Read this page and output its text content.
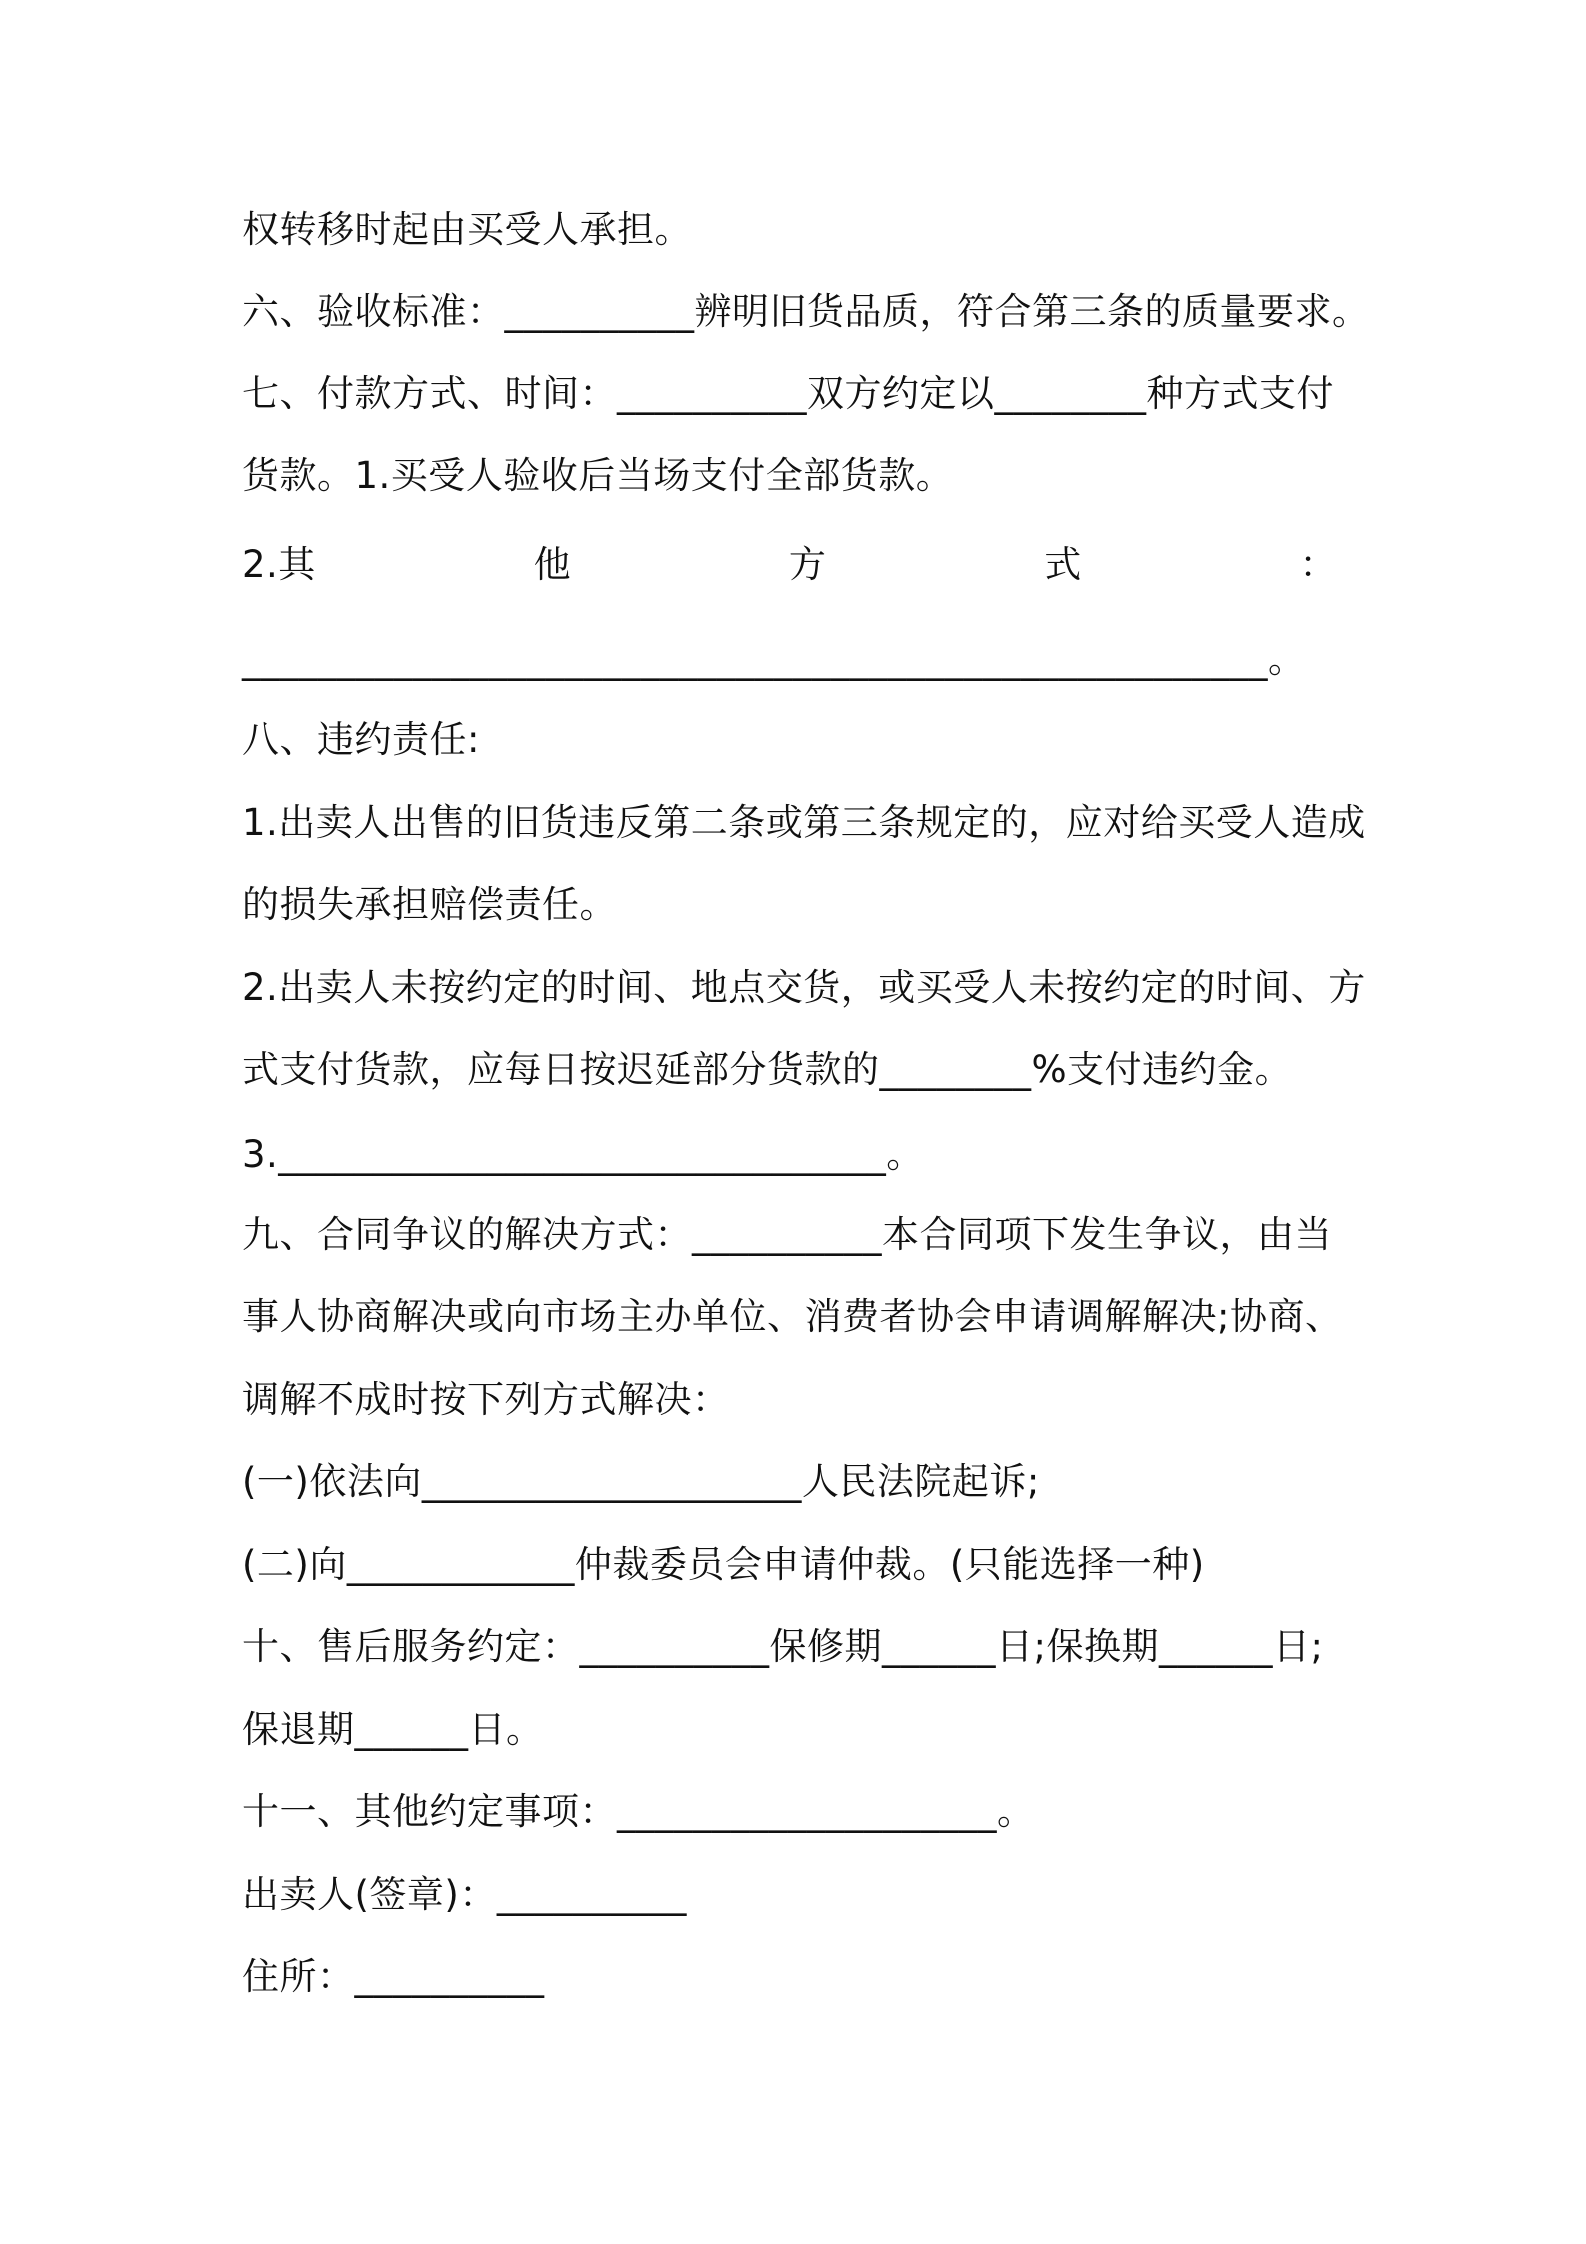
权转移时起由买受人承担。
六、验收标准：__________辨明旧货品质，符合第三条的质量要求。
七、付款方式、时间：__________双方约定以________种方式支付
货款。1.买受人验收后当场支付全部货款。
2.其	他	方	式	：
______________________________________________________。
八、违约责任:
1.出卖人出售的旧货违反第二条或第三条规定的，应对给买受人造成
的损失承担赔偿责任。
2.出卖人未按约定的时间、地点交货，或买受人未按约定的时间、方
式支付货款，应每日按迟延部分货款的________%支付违约金。
3.________________________________。
九、合同争议的解决方式：__________本合同项下发生争议，由当
事人协商解决或向市场主办单位、消费者协会申请调解解决;协商、
调解不成时按下列方式解决：
(一)依法向____________________人民法院起诉;
(二)向____________仲裁委员会申请仲裁。(只能选择一种)
十、售后服务约定：__________保修期______日;保换期______日;
保退期______日。
十一、其他约定事项：____________________。
出卖人(签章)：__________
住所：__________
